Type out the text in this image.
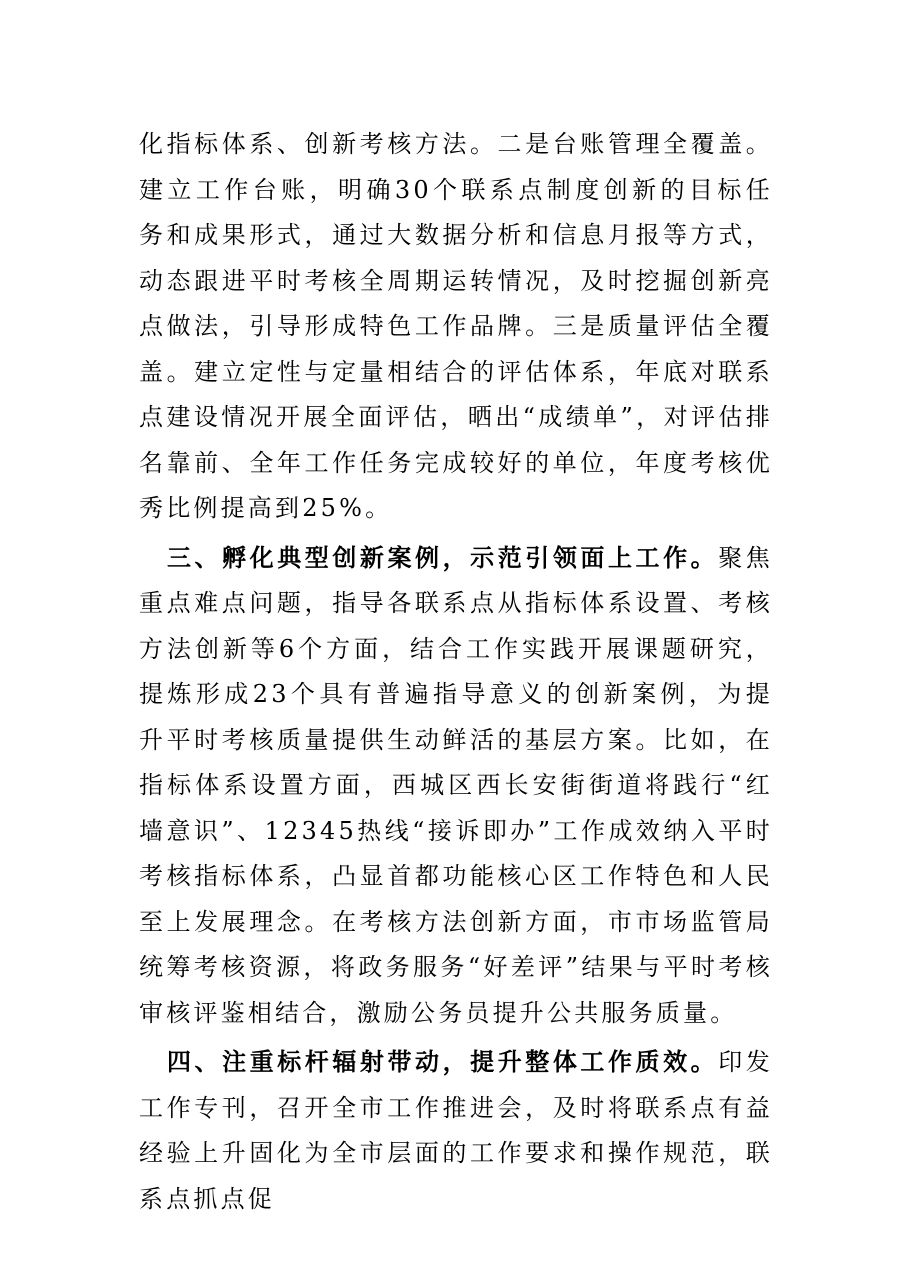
化指标体系、创新考核方法。二是台账管理全覆盖。建立工作台账，明确30个联系点制度创新的目标任务和成果形式，通过大数据分析和信息月报等方式，动态跟进平时考核全周期运转情况，及时挖掘创新亮点做法，引导形成特色工作品牌。三是质量评估全覆盖。建立定性与定量相结合的评估体系，年底对联系点建设情况开展全面评估，晒出“成绩单”，对评估排名靠前、全年工作任务完成较好的单位，年度考核优秀比例提高到25%。

三、孵化典型创新案例，示范引领面上工作。聚焦重点难点问题，指导各联系点从指标体系设置、考核方法创新等6个方面，结合工作实践开展课题研究，提炼形成23个具有普遍指导意义的创新案例，为提升平时考核质量提供生动鲜活的基层方案。比如，在指标体系设置方面，西城区西长安街街道将践行“红墙意识”、12345热线“接诉即办”工作成效纳入平时考核指标体系，凸显首都功能核心区工作特色和人民至上发展理念。在考核方法创新方面，市市场监管局统筹考核资源，将政务服务“好差评”结果与平时考核审核评鉴相结合，激励公务员提升公共服务质量。

四、注重标杆辐射带动，提升整体工作质效。印发工作专刊，召开全市工作推进会，及时将联系点有益经验上升固化为全市层面的工作要求和操作规范，联系点抓点促
